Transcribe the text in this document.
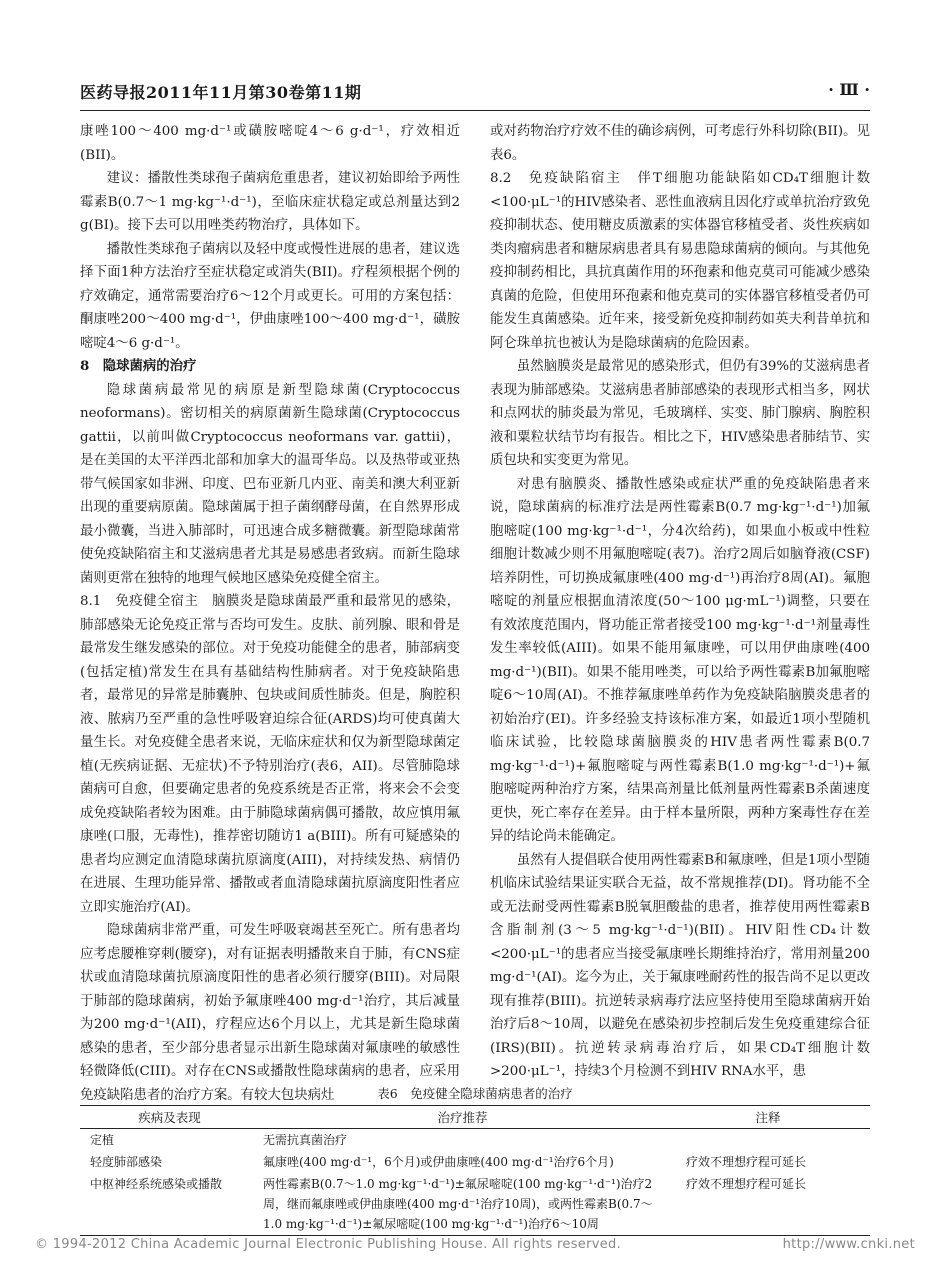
医药导报2011年11月第30卷第11期	· Ⅲ ·

康唑100～400 mg·d⁻¹或磺胺嘧啶4～6 g·d⁻¹，疗效相近(BII)。

建议：播散性类球孢子菌病危重患者，建议初始即给予两性霉素B(0.7～1 mg·kg⁻¹·d⁻¹)，至临床症状稳定或总剂量达到2 g(BI)。接下去可以用唑类药物治疗，具体如下。

播散性类球孢子菌病以及轻中度或慢性进展的患者，建议选择下面1种方法治疗至症状稳定或消失(BII)。疗程须根据个例的疗效确定，通常需要治疗6～12个月或更长。可用的方案包括：酮康唑200～400 mg·d⁻¹，伊曲康唑100～400 mg·d⁻¹，磺胺嘧啶4～6 g·d⁻¹。

8　隐球菌病的治疗

隐球菌病最常见的病原是新型隐球菌(Cryptococcus neoformans)。密切相关的病原菌新生隐球菌(Cryptococcus gattii，以前叫做Cryptococcus neoformans var. gattii)，是在美国的太平洋西北部和加拿大的温哥华岛。以及热带或亚热带气候国家如非洲、印度、巴布亚新几内亚、南美和澳大利亚新出现的重要病原菌。隐球菌属于担子菌纲酵母菌，在自然界形成最小微囊，当进入肺部时，可迅速合成多糖微囊。新型隐球菌常使免疫缺陷宿主和艾滋病患者尤其是易感患者致病。而新生隐球菌则更常在独特的地理气候地区感染免疫健全宿主。

8.1　免疫健全宿主　脑膜炎是隐球菌最严重和最常见的感染，肺部感染无论免疫正常与否均可发生。皮肤、前列腺、眼和骨是最常发生继发感染的部位。对于免疫功能健全的患者，肺部病变(包括定植)常发生在具有基础结构性肺病者。对于免疫缺陷患者，最常见的异常是肺囊肿、包块或间质性肺炎。但是，胸腔积液、脓病乃至严重的急性呼吸窘迫综合征(ARDS)均可使真菌大量生长。对免疫健全患者来说，无临床症状和仅为新型隐球菌定植(无疾病证据、无症状)不予特别治疗(表6，AII)。尽管肺隐球菌病可自愈，但要确定患者的免疫系统是否正常，将来会不会变成免疫缺陷者较为困难。由于肺隐球菌病偶可播散，故应慎用氟康唑(口服，无毒性)，推荐密切随访1 a(BIII)。所有可疑感染的患者均应测定血清隐球菌抗原滴度(AIII)，对持续发热、病情仍在进展、生理功能异常、播散或者血清隐球菌抗原滴度阳性者应立即实施治疗(AI)。

隐球菌病非常严重，可发生呼吸衰竭甚至死亡。所有患者均应考虑腰椎穿刺(腰穿)，对有证据表明播散来自于肺，有CNS症状或血清隐球菌抗原滴度阳性的患者必须行腰穿(BIII)。对局限于肺部的隐球菌病，初始予氟康唑400 mg·d⁻¹治疗，其后减量为200 mg·d⁻¹(AII)，疗程应达6个月以上，尤其是新生隐球菌感染的患者，至少部分患者显示出新生隐球菌对氟康唑的敏感性轻微降低(CIII)。对存在CNS或播散性隐球菌病的患者，应采用免疫缺陷患者的治疗方案。有较大包块病灶

或对药物治疗疗效不佳的确诊病例，可考虑行外科切除(BII)。见表6。

8.2　免疫缺陷宿主　伴T细胞功能缺陷如CD₄T细胞计数<100·μL⁻¹的HIV感染者、恶性血液病且因化疗或单抗治疗致免疫抑制状态、使用糖皮质激素的实体器官移植受者、炎性疾病如类肉瘤病患者和糖尿病患者具有易患隐球菌病的倾向。与其他免疫抑制药相比，具抗真菌作用的环孢素和他克莫司可能减少感染真菌的危险，但使用环孢素和他克莫司的实体器官移植受者仍可能发生真菌感染。近年来，接受新免疫抑制药如英夫利昔单抗和阿仑珠单抗也被认为是隐球菌病的危险因素。

虽然脑膜炎是最常见的感染形式，但仍有39%的艾滋病患者表现为肺部感染。艾滋病患者肺部感染的表现形式相当多，网状和点网状的肺炎最为常见，毛玻璃样、实变、肺门腺病、胸腔积液和粟粒状结节均有报告。相比之下，HIV感染患者肺结节、实质包块和实变更为常见。

对患有脑膜炎、播散性感染或症状严重的免疫缺陷患者来说，隐球菌病的标准疗法是两性霉素B(0.7 mg·kg⁻¹·d⁻¹)加氟胞嘧啶(100 mg·kg⁻¹·d⁻¹，分4次给药)，如果血小板或中性粒细胞计数减少则不用氟胞嘧啶(表7)。治疗2周后如脑脊液(CSF)培养阴性，可切换成氟康唑(400 mg·d⁻¹)再治疗8周(AI)。氟胞嘧啶的剂量应根据血清浓度(50～100 μg·mL⁻¹)调整，只要在有效浓度范围内，肾功能正常者接受100 mg·kg⁻¹·d⁻¹剂量毒性发生率较低(AIII)。如果不能用氟康唑，可以用伊曲康唑(400 mg·d⁻¹)(BII)。如果不能用唑类，可以给予两性霉素B加氟胞嘧啶6～10周(AI)。不推荐氟康唑单药作为免疫缺陷脑膜炎患者的初始治疗(EI)。许多经验支持该标准方案，如最近1项小型随机临床试验，比较隐球菌脑膜炎的HIV患者两性霉素B(0.7 mg·kg⁻¹·d⁻¹)+氟胞嘧啶与两性霉素B(1.0 mg·kg⁻¹·d⁻¹)+氟胞嘧啶两种治疗方案，结果高剂量比低剂量两性霉素B杀菌速度更快，死亡率存在差异。由于样本量所限，两种方案毒性存在差异的结论尚未能确定。

虽然有人提倡联合使用两性霉素B和氟康唑，但是1项小型随机临床试验结果证实联合无益，故不常规推荐(DI)。肾功能不全或无法耐受两性霉素B脱氧胆酸盐的患者，推荐使用两性霉素B含脂制剂(3～5 mg·kg⁻¹·d⁻¹)(BII)。HIV阳性CD₄计数<200·μL⁻¹的患者应当接受氟康唑长期维持治疗，常用剂量200 mg·d⁻¹(AI)。迄今为止，关于氟康唑耐药性的报告尚不足以更改现有推荐(BIII)。抗逆转录病毒疗法应坚持使用至隐球菌病开始治疗后8～10周，以避免在感染初步控制后发生免疫重建综合征(IRS)(BII)。抗逆转录病毒治疗后，如果CD₄T细胞计数>200·μL⁻¹，持续3个月检测不到HIV RNA水平，患

表6　免疫健全隐球菌病患者的治疗
疾病及表现	治疗推荐	注释
定植	无需抗真菌治疗	
轻度肺部感染	氟康唑(400 mg·d⁻¹，6个月)或伊曲康唑(400 mg·d⁻¹治疗6个月)	疗效不理想疗程可延长
中枢神经系统感染或播散	两性霉素B(0.7～1.0 mg·kg⁻¹·d⁻¹)±氟尿嘧啶(100 mg·kg⁻¹·d⁻¹)治疗2周，继而氟康唑或伊曲康唑(400 mg·d⁻¹治疗10周)，或两性霉素B(0.7～1.0 mg·kg⁻¹·d⁻¹)±氟尿嘧啶(100 mg·kg⁻¹·d⁻¹)治疗6～10周	疗效不理想疗程可延长
© 1994-2012 China Academic Journal Electronic Publishing House. All rights reserved.	http://www.cnki.net
